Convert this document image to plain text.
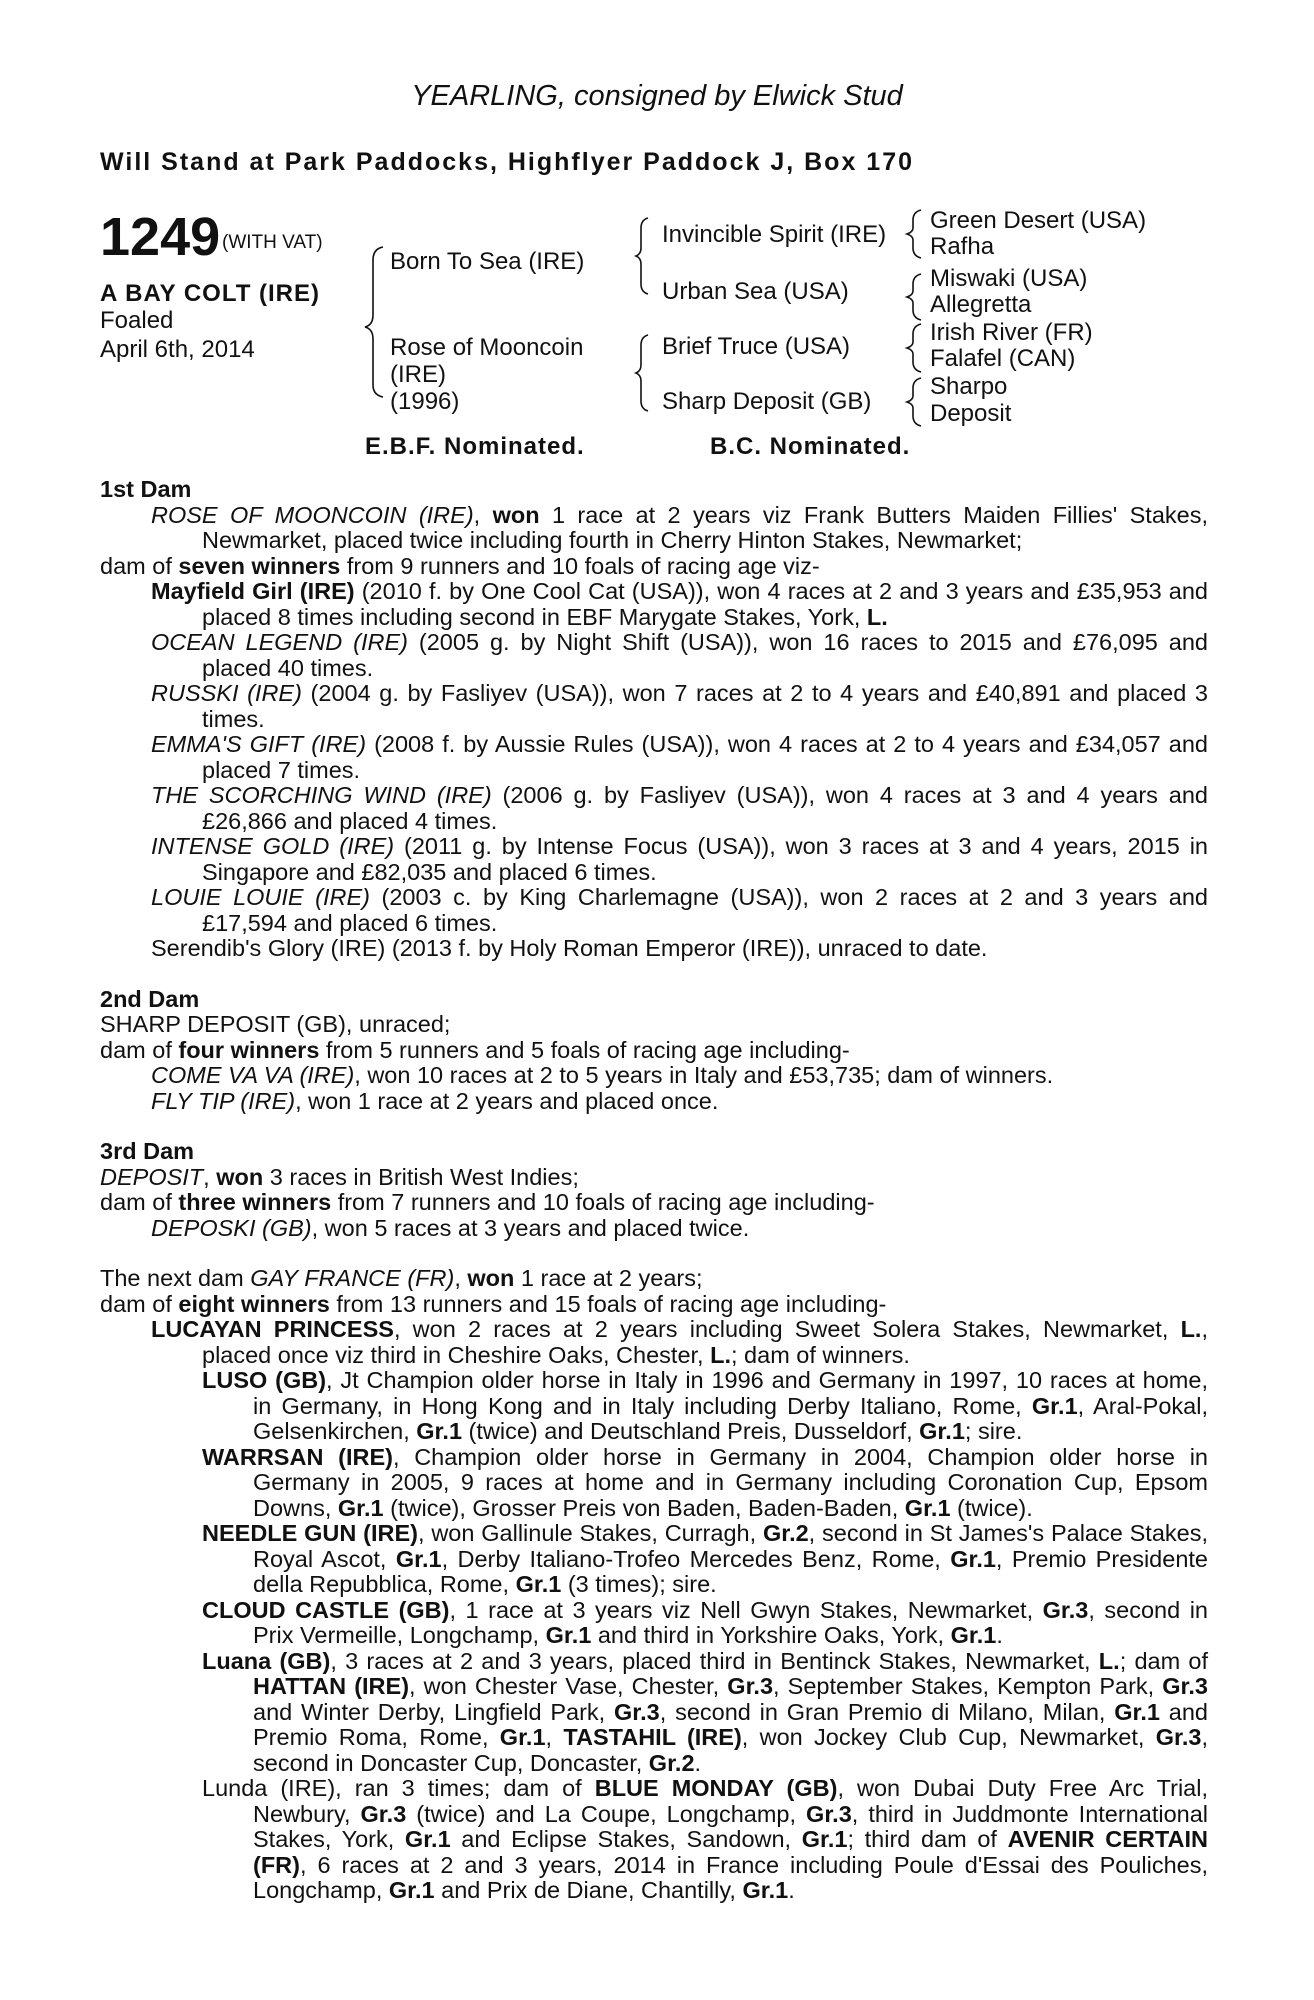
YEARLING, consigned by Elwick Stud
Will Stand at Park Paddocks, Highflyer Paddock J, Box 170
1249 (WITH VAT)
A BAY COLT (IRE)
Foaled
April 6th, 2014
Born To Sea (IRE)
Rose of Mooncoin
(IRE)
(1996)
Invincible Spirit (IRE)
Urban Sea (USA)
Brief Truce (USA)
Sharp Deposit (GB)
Green Desert (USA)
Rafha
Miswaki (USA)
Allegretta
Irish River (FR)
Falafel (CAN)
Sharpo
Deposit
E.B.F. Nominated.	B.C. Nominated.
1st Dam
ROSE OF MOONCOIN (IRE), won 1 race at 2 years viz Frank Butters Maiden Fillies' Stakes, Newmarket, placed twice including fourth in Cherry Hinton Stakes, Newmarket;
dam of seven winners from 9 runners and 10 foals of racing age viz-
Mayfield Girl (IRE) (2010 f. by One Cool Cat (USA)), won 4 races at 2 and 3 years and £35,953 and placed 8 times including second in EBF Marygate Stakes, York, L.
OCEAN LEGEND (IRE) (2005 g. by Night Shift (USA)), won 16 races to 2015 and £76,095 and placed 40 times.
RUSSKI (IRE) (2004 g. by Fasliyev (USA)), won 7 races at 2 to 4 years and £40,891 and placed 3 times.
EMMA'S GIFT (IRE) (2008 f. by Aussie Rules (USA)), won 4 races at 2 to 4 years and £34,057 and placed 7 times.
THE SCORCHING WIND (IRE) (2006 g. by Fasliyev (USA)), won 4 races at 3 and 4 years and £26,866 and placed 4 times.
INTENSE GOLD (IRE) (2011 g. by Intense Focus (USA)), won 3 races at 3 and 4 years, 2015 in Singapore and £82,035 and placed 6 times.
LOUIE LOUIE (IRE) (2003 c. by King Charlemagne (USA)), won 2 races at 2 and 3 years and £17,594 and placed 6 times.
Serendib's Glory (IRE) (2013 f. by Holy Roman Emperor (IRE)), unraced to date.
2nd Dam
SHARP DEPOSIT (GB), unraced;
dam of four winners from 5 runners and 5 foals of racing age including-
COME VA VA (IRE), won 10 races at 2 to 5 years in Italy and £53,735; dam of winners.
FLY TIP (IRE), won 1 race at 2 years and placed once.
3rd Dam
DEPOSIT, won 3 races in British West Indies;
dam of three winners from 7 runners and 10 foals of racing age including-
DEPOSKI (GB), won 5 races at 3 years and placed twice.
The next dam GAY FRANCE (FR), won 1 race at 2 years;
dam of eight winners from 13 runners and 15 foals of racing age including-
LUCAYAN PRINCESS, won 2 races at 2 years including Sweet Solera Stakes, Newmarket, L., placed once viz third in Cheshire Oaks, Chester, L.; dam of winners.
LUSO (GB), Jt Champion older horse in Italy in 1996 and Germany in 1997, 10 races at home, in Germany, in Hong Kong and in Italy including Derby Italiano, Rome, Gr.1, Aral-Pokal, Gelsenkirchen, Gr.1 (twice) and Deutschland Preis, Dusseldorf, Gr.1; sire.
WARRSAN (IRE), Champion older horse in Germany in 2004, Champion older horse in Germany in 2005, 9 races at home and in Germany including Coronation Cup, Epsom Downs, Gr.1 (twice), Grosser Preis von Baden, Baden-Baden, Gr.1 (twice).
NEEDLE GUN (IRE), won Gallinule Stakes, Curragh, Gr.2, second in St James's Palace Stakes, Royal Ascot, Gr.1, Derby Italiano-Trofeo Mercedes Benz, Rome, Gr.1, Premio Presidente della Repubblica, Rome, Gr.1 (3 times); sire.
CLOUD CASTLE (GB), 1 race at 3 years viz Nell Gwyn Stakes, Newmarket, Gr.3, second in Prix Vermeille, Longchamp, Gr.1 and third in Yorkshire Oaks, York, Gr.1.
Luana (GB), 3 races at 2 and 3 years, placed third in Bentinck Stakes, Newmarket, L.; dam of HATTAN (IRE), won Chester Vase, Chester, Gr.3, September Stakes, Kempton Park, Gr.3 and Winter Derby, Lingfield Park, Gr.3, second in Gran Premio di Milano, Milan, Gr.1 and Premio Roma, Rome, Gr.1, TASTAHIL (IRE), won Jockey Club Cup, Newmarket, Gr.3, second in Doncaster Cup, Doncaster, Gr.2.
Lunda (IRE), ran 3 times; dam of BLUE MONDAY (GB), won Dubai Duty Free Arc Trial, Newbury, Gr.3 (twice) and La Coupe, Longchamp, Gr.3, third in Juddmonte International Stakes, York, Gr.1 and Eclipse Stakes, Sandown, Gr.1; third dam of AVENIR CERTAIN (FR), 6 races at 2 and 3 years, 2014 in France including Poule d'Essai des Pouliches, Longchamp, Gr.1 and Prix de Diane, Chantilly, Gr.1.
